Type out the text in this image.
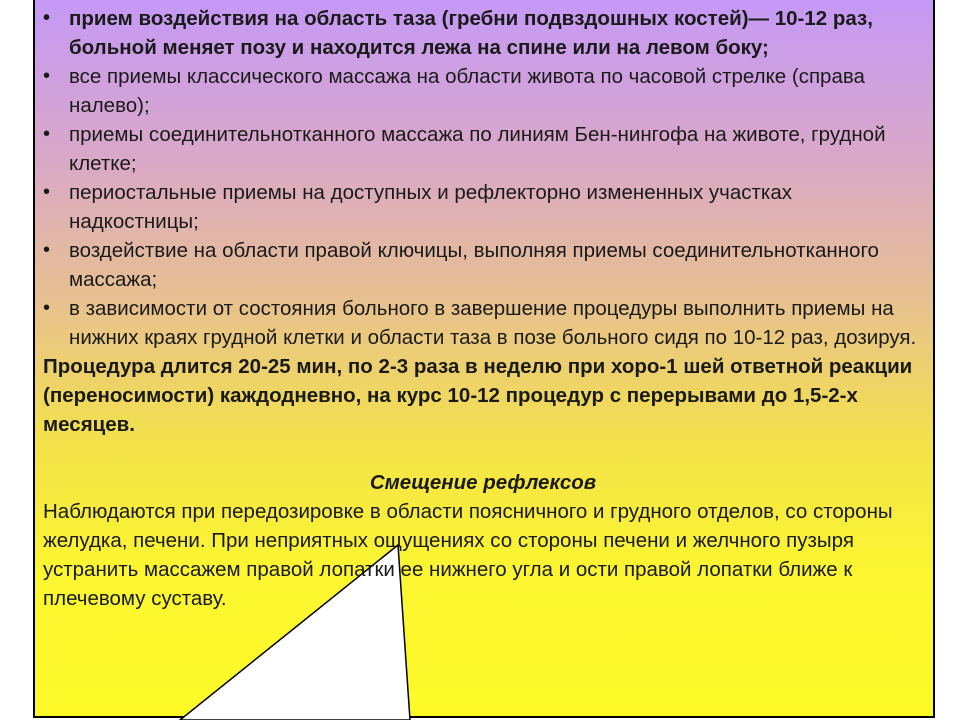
• прием воздействия на область таза (гребни подвздошных костей)— 10-12 раз, больной меняет позу и находится лежа на спине или на левом боку;
• все приемы классического массажа на области живота по часовой стрелке (справа налево);
• приемы соединительнотканного массажа по линиям Бен-нингофа на животе, грудной клетке;
• периостальные приемы на доступных и рефлекторно измененных участках надкостницы;
• воздействие на области правой ключицы, выполняя приемы соединительнотканного массажа;
• в зависимости от состояния больного в завершение процедуры выполнить приемы на нижних краях грудной клетки и области таза в позе больного сидя по 10-12 раз, дозируя.
Процедура длится 20-25 мин, по 2-3 раза в неделю при хоро-1 шей ответной реакции (переносимости) каждодневно, на курс 10-12 процедур с перерывами до 1,5-2-х месяцев.
Смещение рефлексов

Наблюдаются при передозировке в области поясничного и грудного отделов, со стороны желудка, печени. При неприятных ощущениях со стороны печени и желчного пузыря устранить массажем правой лопатки ее нижнего угла и ости правой лопатки ближе к плечевому суставу.
